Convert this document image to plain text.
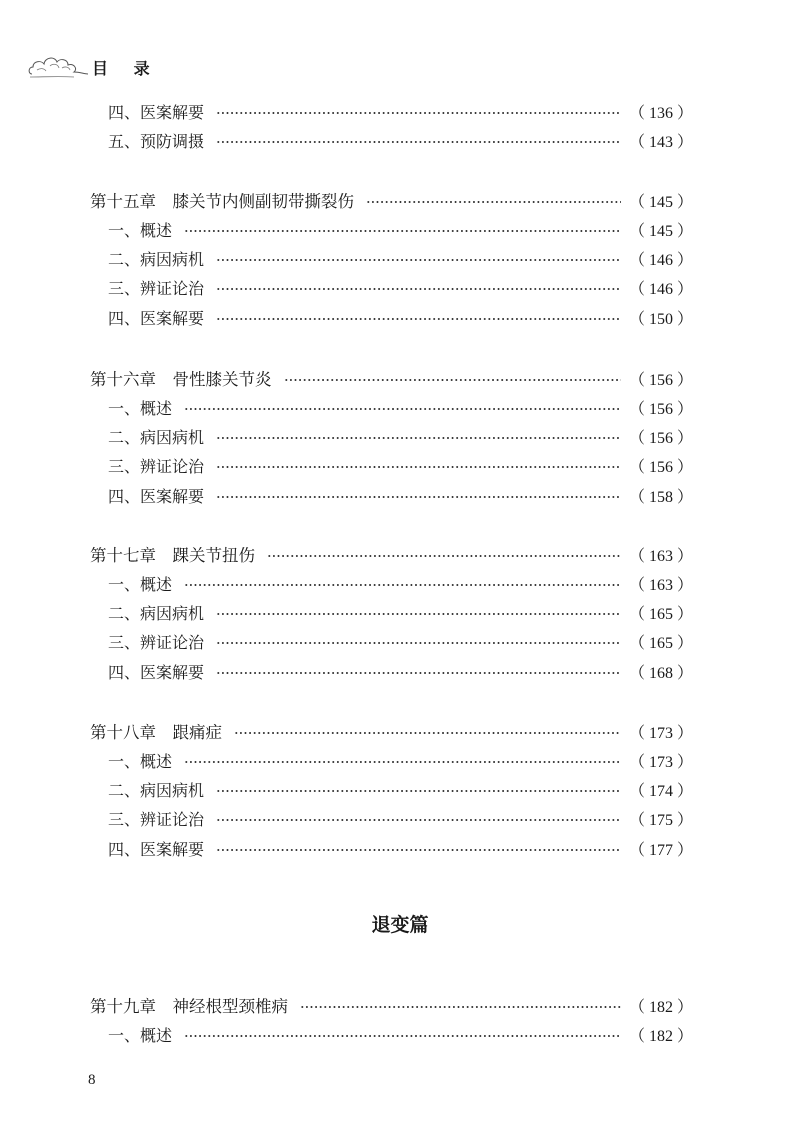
目 录
四、医案解要	（ 136 ）
五、预防调摄	（ 143 ）
第十五章　膝关节内侧副韧带撕裂伤	（ 145 ）
一、概述	（ 145 ）
二、病因病机	（ 146 ）
三、辨证论治	（ 146 ）
四、医案解要	（ 150 ）
第十六章　骨性膝关节炎	（ 156 ）
一、概述	（ 156 ）
二、病因病机	（ 156 ）
三、辨证论治	（ 156 ）
四、医案解要	（ 158 ）
第十七章　踝关节扭伤	（ 163 ）
一、概述	（ 163 ）
二、病因病机	（ 165 ）
三、辨证论治	（ 165 ）
四、医案解要	（ 168 ）
第十八章　跟痛症	（ 173 ）
一、概述	（ 173 ）
二、病因病机	（ 174 ）
三、辨证论治	（ 175 ）
四、医案解要	（ 177 ）
第十九章　神经根型颈椎病	（ 182 ）
一、概述	（ 182 ）
退变篇
8
